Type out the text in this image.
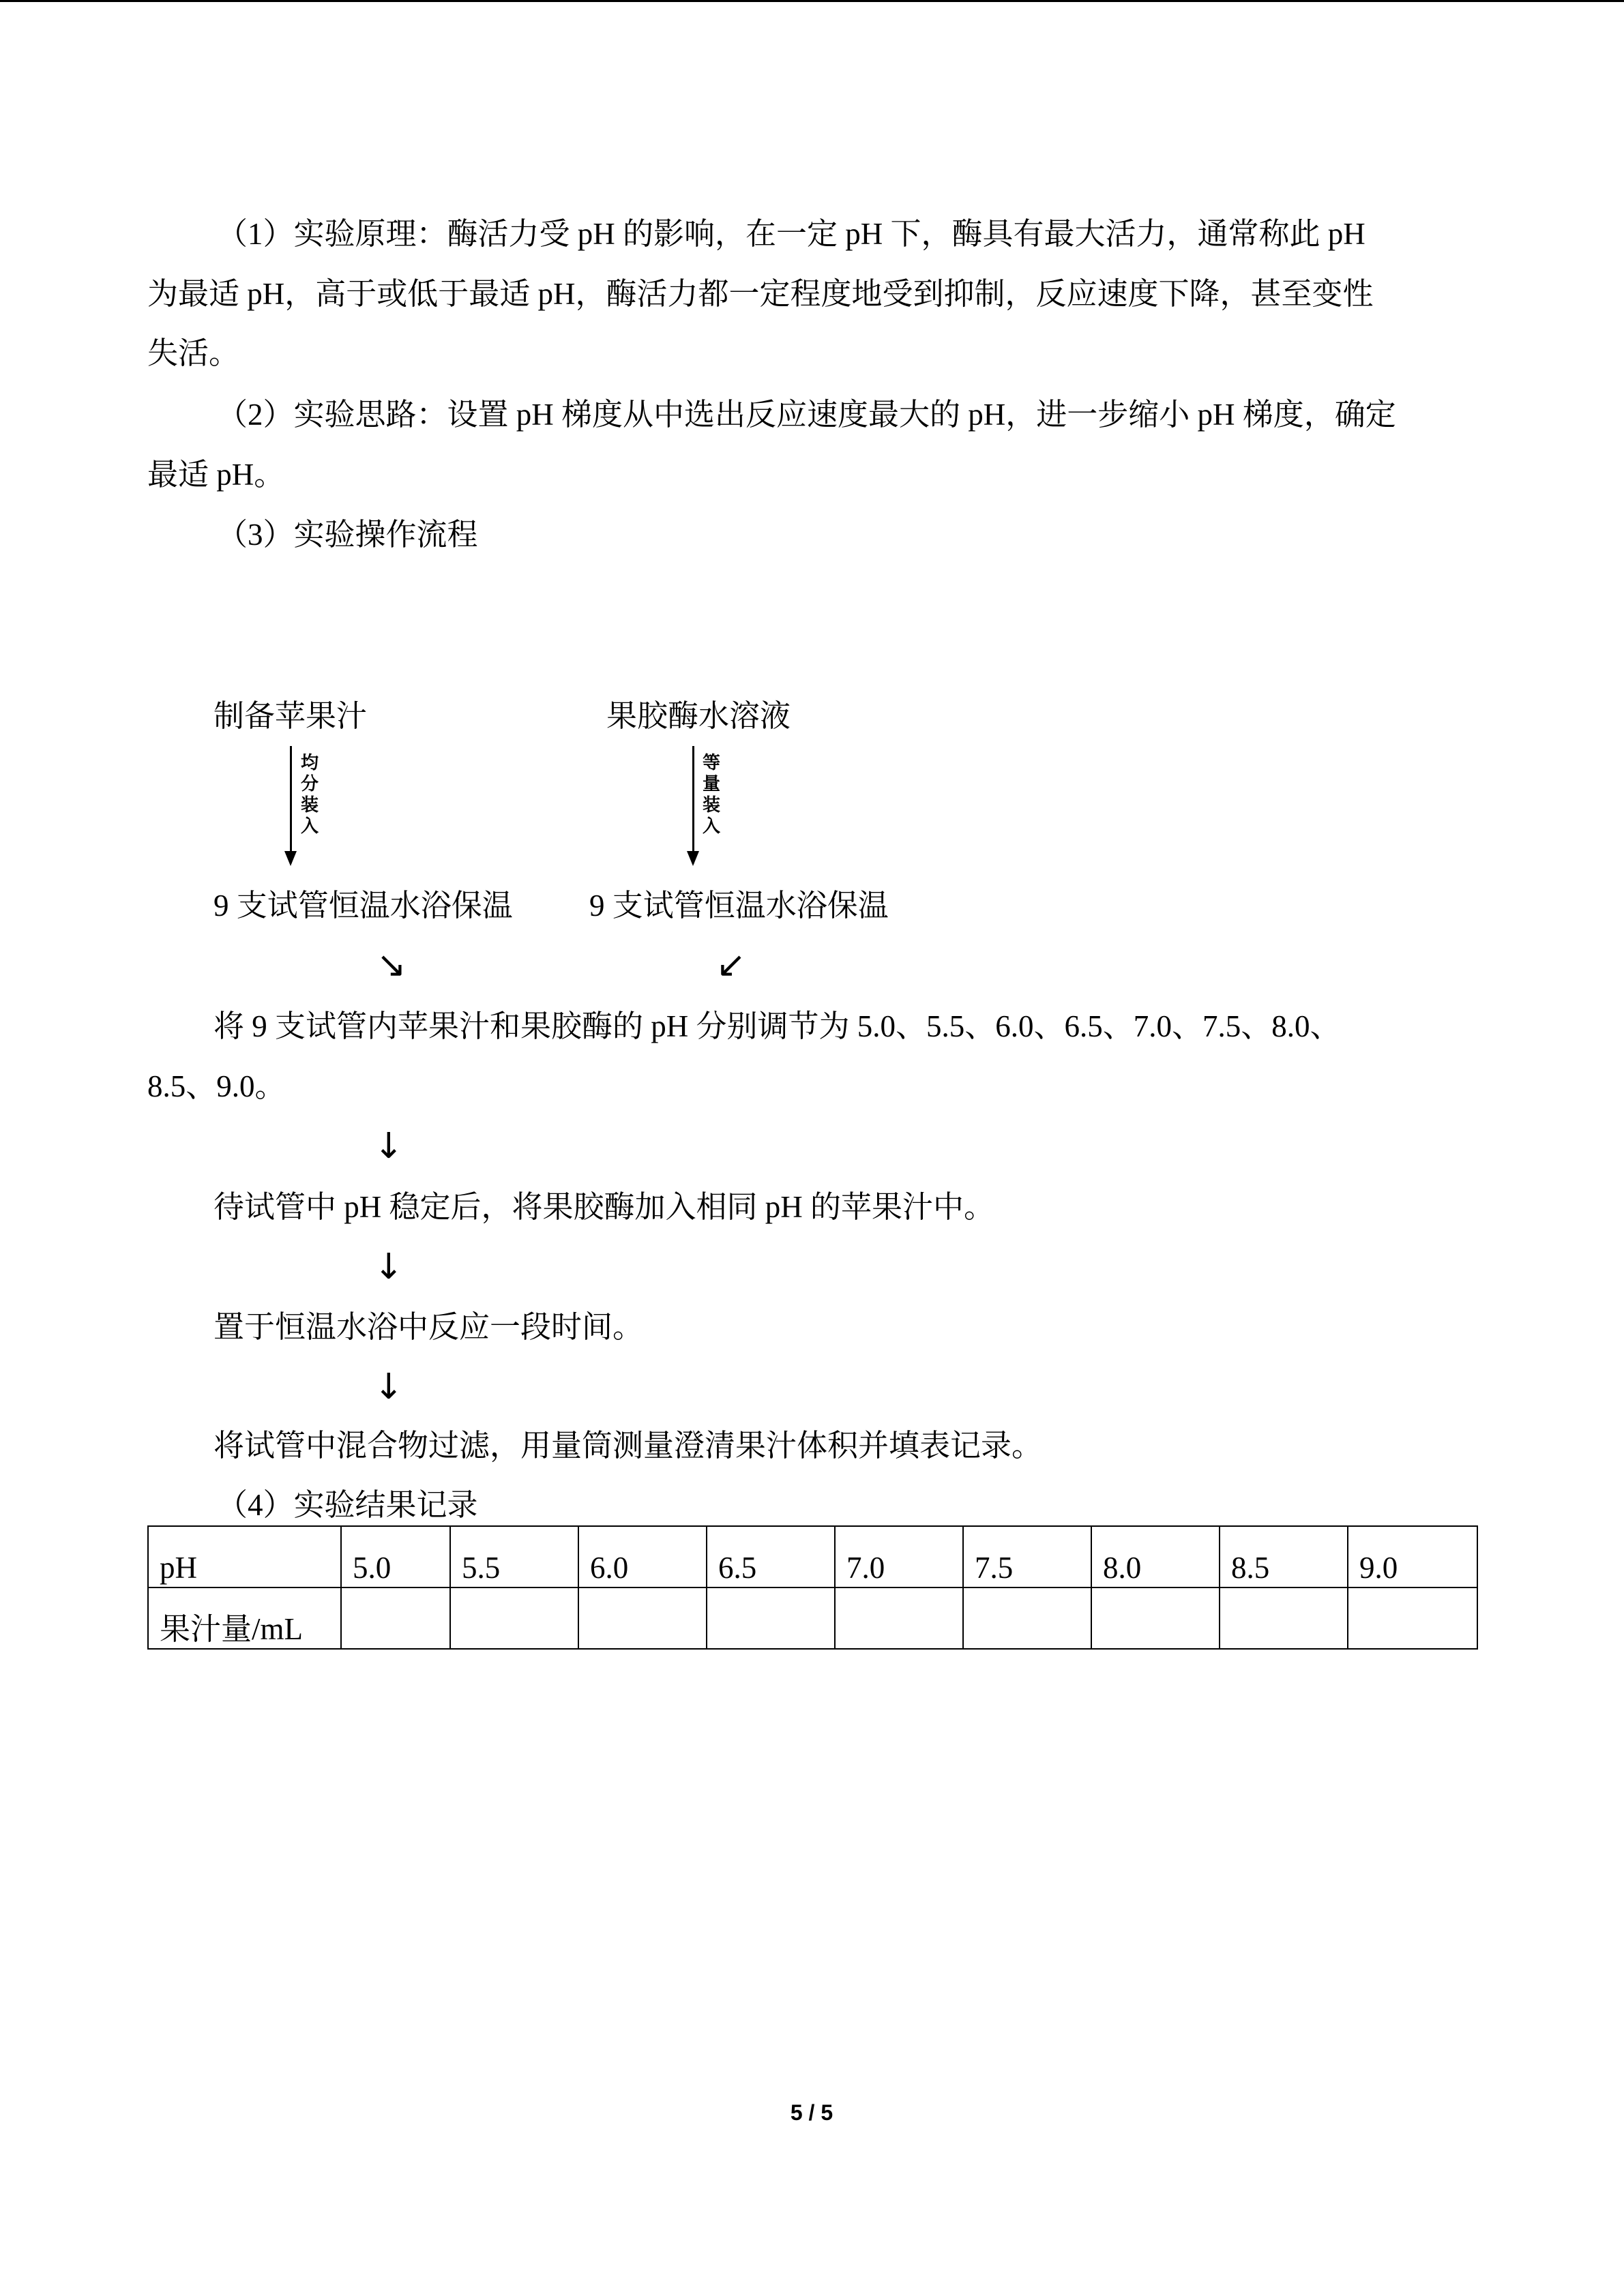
（1）实验原理：酶活力受 pH 的影响，在一定 pH 下，酶具有最大活力，通常称此 pH

为最适 pH，高于或低于最适 pH，酶活力都一定程度地受到抑制，反应速度下降，甚至变性

失活。

（2）实验思路：设置 pH 梯度从中选出反应速度最大的 pH，进一步缩小 pH 梯度，确定

最适 pH。

（3）实验操作流程

制备苹果汁	果胶酶水溶液

均分装入
等量装入

9 支试管恒温水浴保温 9 支试管恒温水浴保温

↘	↙

将 9 支试管内苹果汁和果胶酶的 pH 分别调节为 5.0、5.5、6.0、6.5、7.0、7.5、8.0、

8.5、9.0。

↓

待试管中 pH 稳定后，将果胶酶加入相同 pH 的苹果汁中。

↓

置于恒温水浴中反应一段时间。

↓

将试管中混合物过滤，用量筒测量澄清果汁体积并填表记录。

（4）实验结果记录

pH	5.0	5.5	6.0	6.5	7.0	7.5	8.0	8.5	9.0
果汁量/mL									
5 / 5
